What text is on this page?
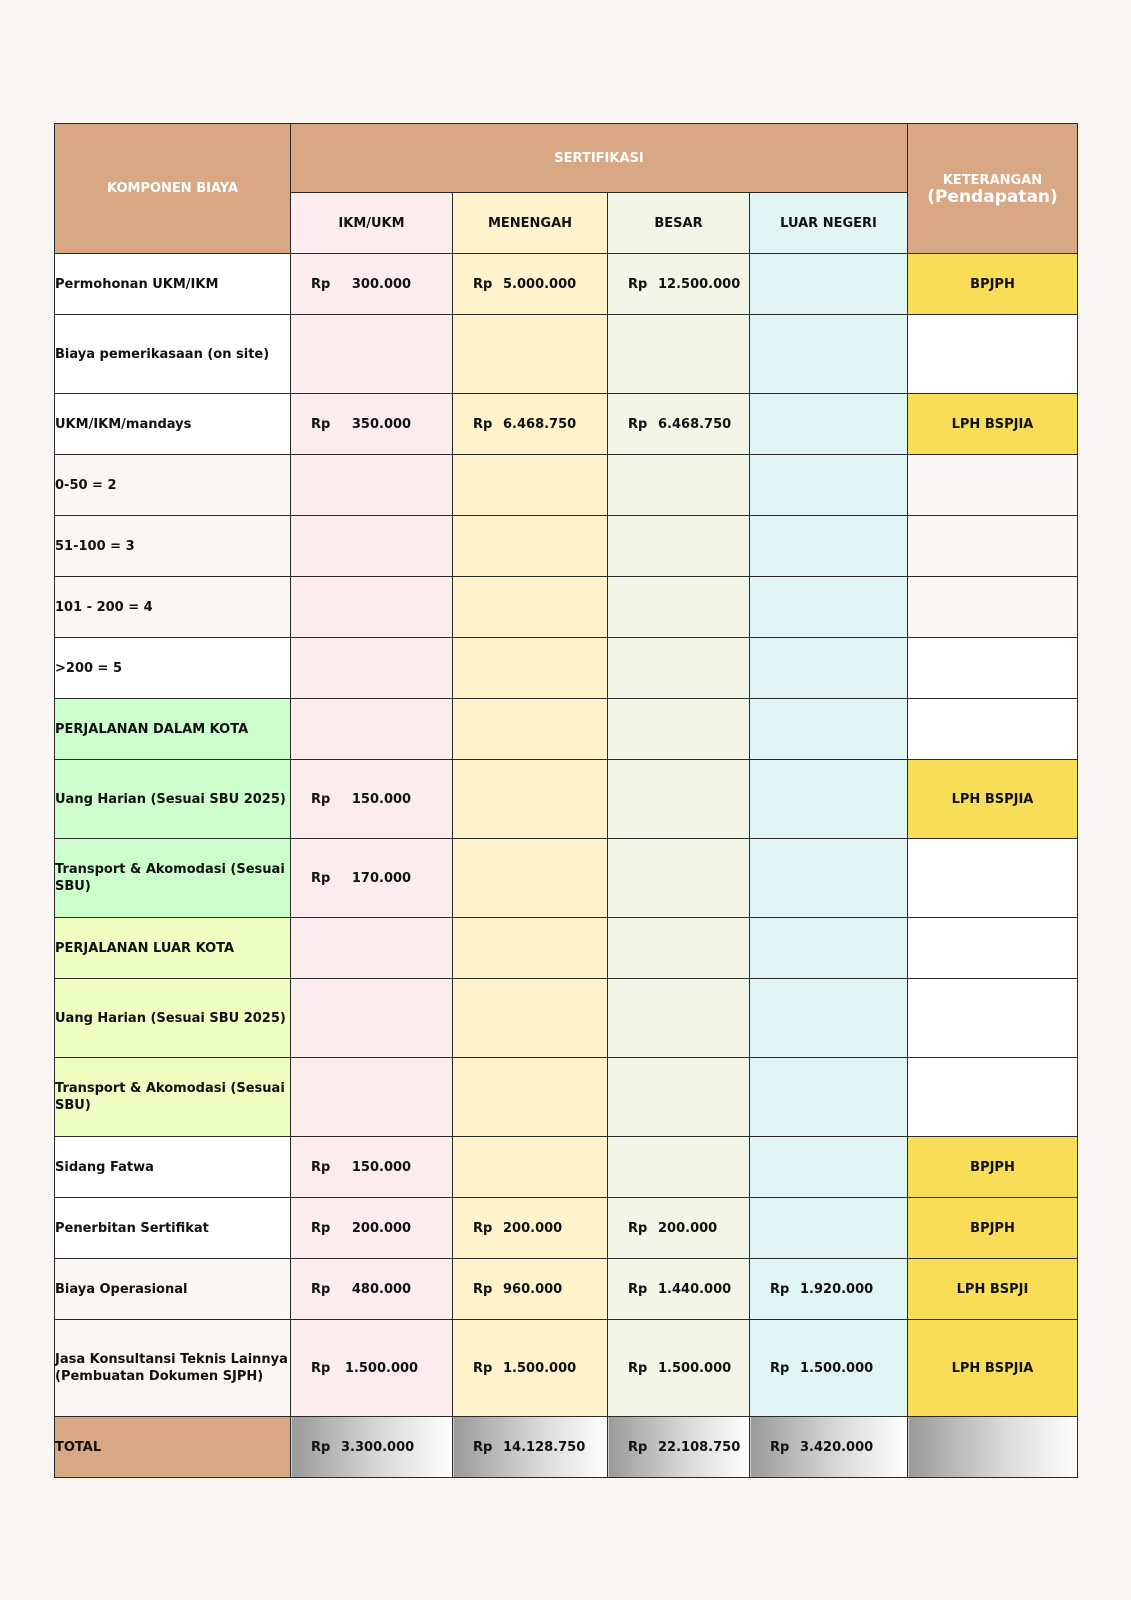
KOMPONEN BIAYA	SERTIFIKASI				KETERANGAN
(Pendapatan)

	IKM/UKM	MENENGAH	BESAR	LUAR NEGERI	
Permohonan UKM/IKM	Rp 300.000	Rp 5.000.000	Rp 12.500.000		BPJPH
Biaya pemerikasaan (on site)					
UKM/IKM/mandays	Rp 350.000	Rp 6.468.750	Rp 6.468.750		LPH BSPJIA
0-50 = 2					
51-100 = 3					
101 - 200 = 4					
>200 = 5					
PERJALANAN DALAM KOTA					
Uang Harian (Sesuai SBU 2025)	Rp 150.000				LPH BSPJIA
Transport & Akomodasi (Sesuai SBU)	Rp 170.000				

PERJALANAN LUAR KOTA					
Uang Harian (Sesuai SBU 2025)					
Transport & Akomodasi (Sesuai SBU)					
Sidang Fatwa	Rp 150.000				BPJPH
Penerbitan Sertifikat	Rp 200.000	Rp 200.000	Rp 200.000		BPJPH
Biaya Operasional	Rp 480.000	Rp 960.000	Rp 1.440.000	Rp 1.920.000	LPH BSPJI
Jasa Konsultansi Teknis Lainnya (Pembuatan Dokumen SJPH)	Rp 1.500.000	Rp 1.500.000	Rp 1.500.000	Rp 1.500.000	LPH BSPJIA
TOTAL	Rp 3.300.000	Rp 14.128.750	Rp 22.108.750	Rp 3.420.000	
